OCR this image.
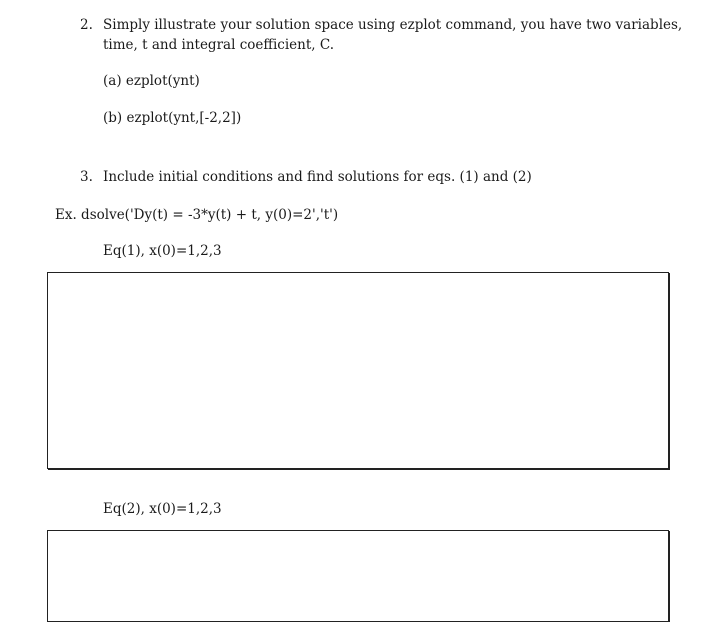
2. Simply illustrate your solution space using ezplot command, you have two variables,
time, t and integral coefficient, C.
(a) ezplot(ynt)
(b) ezplot(ynt,[-2,2])
3. Include initial conditions and find solutions for eqs. (1) and (2)
Ex. dsolve('Dy(t) = -3*y(t) + t, y(0)=2','t')
Eq(1), x(0)=1,2,3
Eq(2), x(0)=1,2,3
